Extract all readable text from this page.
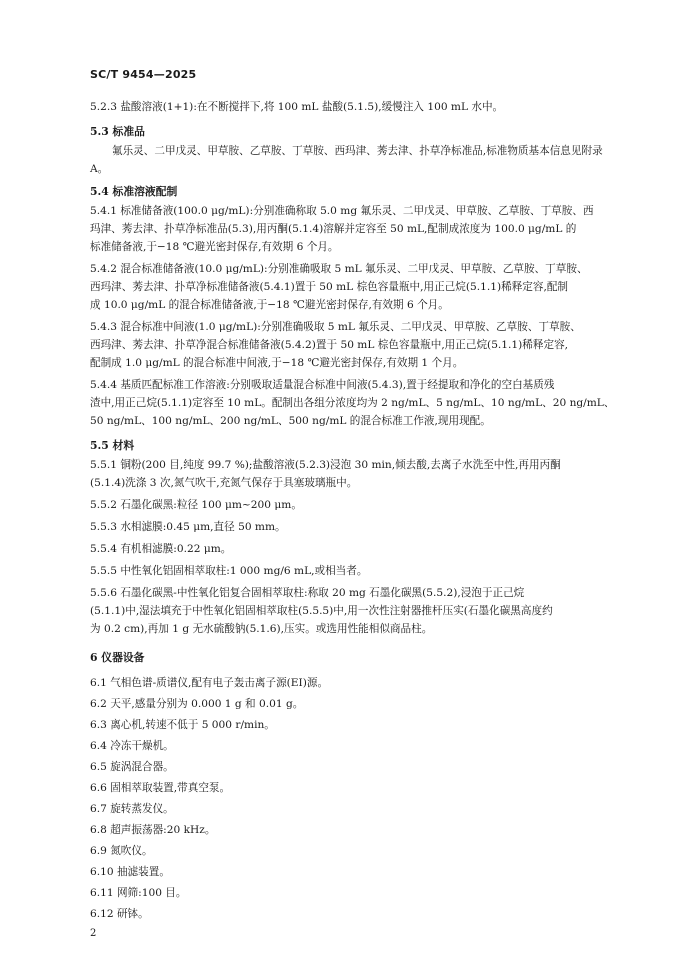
SC/T 9454—2025
5.2.3 盐酸溶液(1+1):在不断搅拌下,将 100 mL 盐酸(5.1.5),缓慢注入 100 mL 水中。
5.3 标准品
氟乐灵、二甲戊灵、甲草胺、乙草胺、丁草胺、西玛津、莠去津、扑草净标准品,标准物质基本信息见附录
A。
5.4 标准溶液配制
5.4.1 标准储备液(100.0 μg/mL):分别准确称取 5.0 mg 氟乐灵、二甲戊灵、甲草胺、乙草胺、丁草胺、西
玛津、莠去津、扑草净标准品(5.3),用丙酮(5.1.4)溶解并定容至 50 mL,配制成浓度为 100.0 μg/mL 的
标准储备液,于−18 ℃避光密封保存,有效期 6 个月。
5.4.2 混合标准储备液(10.0 μg/mL):分别准确吸取 5 mL 氟乐灵、二甲戊灵、甲草胺、乙草胺、丁草胺、
西玛津、莠去津、扑草净标准储备液(5.4.1)置于 50 mL 棕色容量瓶中,用正己烷(5.1.1)稀释定容,配制
成 10.0 μg/mL 的混合标准储备液,于−18 ℃避光密封保存,有效期 6 个月。
5.4.3 混合标准中间液(1.0 μg/mL):分别准确吸取 5 mL 氟乐灵、二甲戊灵、甲草胺、乙草胺、丁草胺、
西玛津、莠去津、扑草净混合标准储备液(5.4.2)置于 50 mL 棕色容量瓶中,用正己烷(5.1.1)稀释定容,
配制成 1.0 μg/mL 的混合标准中间液,于−18 ℃避光密封保存,有效期 1 个月。
5.4.4 基质匹配标准工作溶液:分别吸取适量混合标准中间液(5.4.3),置于经提取和净化的空白基质残
渣中,用正己烷(5.1.1)定容至 10 mL。配制出各组分浓度均为 2 ng/mL、5 ng/mL、10 ng/mL、20 ng/mL、
50 ng/mL、100 ng/mL、200 ng/mL、500 ng/mL 的混合标准工作液,现用现配。
5.5 材料
5.5.1 铜粉(200 目,纯度 99.7 %);盐酸溶液(5.2.3)浸泡 30 min,倾去酸,去离子水洗至中性,再用丙酮
(5.1.4)洗涤 3 次,氮气吹干,充氮气保存于具塞玻璃瓶中。
5.5.2 石墨化碳黑:粒径 100 μm~200 μm。
5.5.3 水相滤膜:0.45 μm,直径 50 mm。
5.5.4 有机相滤膜:0.22 μm。
5.5.5 中性氧化铝固相萃取柱:1 000 mg/6 mL,或相当者。
5.5.6 石墨化碳黑-中性氧化铝复合固相萃取柱:称取 20 mg 石墨化碳黑(5.5.2),浸泡于正己烷
(5.1.1)中,湿法填充于中性氧化铝固相萃取柱(5.5.5)中,用一次性注射器推杆压实(石墨化碳黑高度约
为 0.2 cm),再加 1 g 无水硫酸钠(5.1.6),压实。或选用性能相似商品柱。
6 仪器设备
6.1 气相色谱-质谱仪,配有电子轰击离子源(EI)源。
6.2 天平,感量分别为 0.000 1 g 和 0.01 g。
6.3 离心机,转速不低于 5 000 r/min。
6.4 冷冻干燥机。
6.5 旋涡混合器。
6.6 固相萃取装置,带真空泵。
6.7 旋转蒸发仪。
6.8 超声振荡器:20 kHz。
6.9 氮吹仪。
6.10 抽滤装置。
6.11 网筛:100 目。
6.12 研钵。
2
